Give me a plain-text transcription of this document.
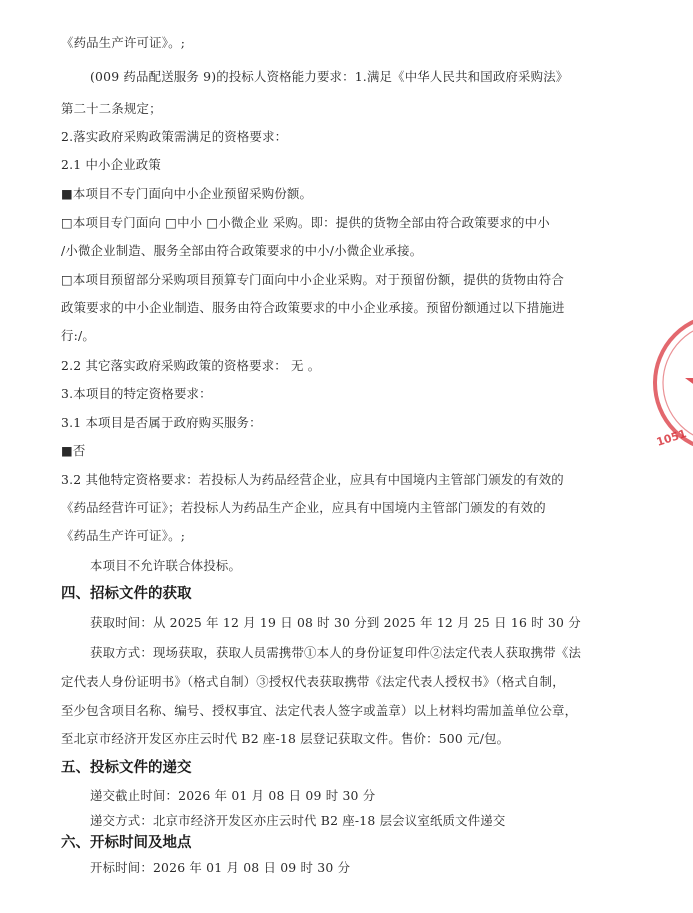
《药品生产许可证》。;
(009 药品配送服务 9)的投标人资格能力要求：1.满足《中华人民共和国政府采购法》
第二十二条规定；
2.落实政府采购政策需满足的资格要求：
2.1 中小企业政策
■本项目不专门面向中小企业预留采购份额。
□本项目专门面向 □中小 □小微企业 采购。即：提供的货物全部由符合政策要求的中小
/小微企业制造、服务全部由符合政策要求的中小/小微企业承接。
□本项目预留部分采购项目预算专门面向中小企业采购。对于预留份额，提供的货物由符合
政策要求的中小企业制造、服务由符合政策要求的中小企业承接。预留份额通过以下措施进
行:/。
2.2 其它落实政府采购政策的资格要求： 无 。
3.本项目的特定资格要求：
3.1 本项目是否属于政府购买服务：
■否
3.2 其他特定资格要求：若投标人为药品经营企业，应具有中国境内主管部门颁发的有效的
《药品经营许可证》；若投标人为药品生产企业，应具有中国境内主管部门颁发的有效的
《药品生产许可证》。;
本项目不允许联合体投标。
四、招标文件的获取
获取时间：从 2025 年 12 月 19 日 08 时 30 分到 2025 年 12 月 25 日 16 时 30 分
获取方式：现场获取，获取人员需携带①本人的身份证复印件②法定代表人获取携带《法
定代表人身份证明书》（格式自制）③授权代表获取携带《法定代表人授权书》（格式自制，
至少包含项目名称、编号、授权事宜、法定代表人签字或盖章）以上材料均需加盖单位公章，
至北京市经济开发区亦庄云时代 B2 座-18 层登记获取文件。售价：500 元/包。
五、投标文件的递交
递交截止时间：2026 年 01 月 08 日 09 时 30 分
递交方式：北京市经济开发区亦庄云时代 B2 座-18 层会议室纸质文件递交
六、开标时间及地点
开标时间：2026 年 01 月 08 日 09 时 30 分
1051
